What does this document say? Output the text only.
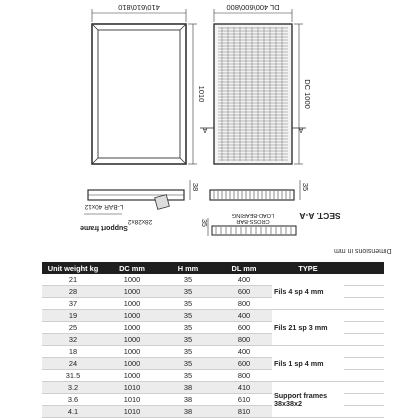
410\610\810
1010
DL 400\600\800
DC 1000
A	A
38
L-BAR 40x12
28x28x2
Support frame
35
35
LOAD-BEARING
CROSS-BAR	SECT. A-A
Dimensions in mm
Unit weight kg	DC mm	H mm	DL mm	TYPE	
21	1000	35	400	Fils 4 sp 4 mm	
28	1000	35	600		
37	1000	35	800		
19	1000	35	400	Fils 21 sp 3 mm	
25	1000	35	600		
32	1000	35	800		
18	1000	35	400	Fils 1 sp 4 mm	
24	1000	35	600		
31.5	1000	35	800		
3.2	1010	38	410	Support frames 38x38x2	
3.6	1010	38	610		
4.1	1010	38	810		
